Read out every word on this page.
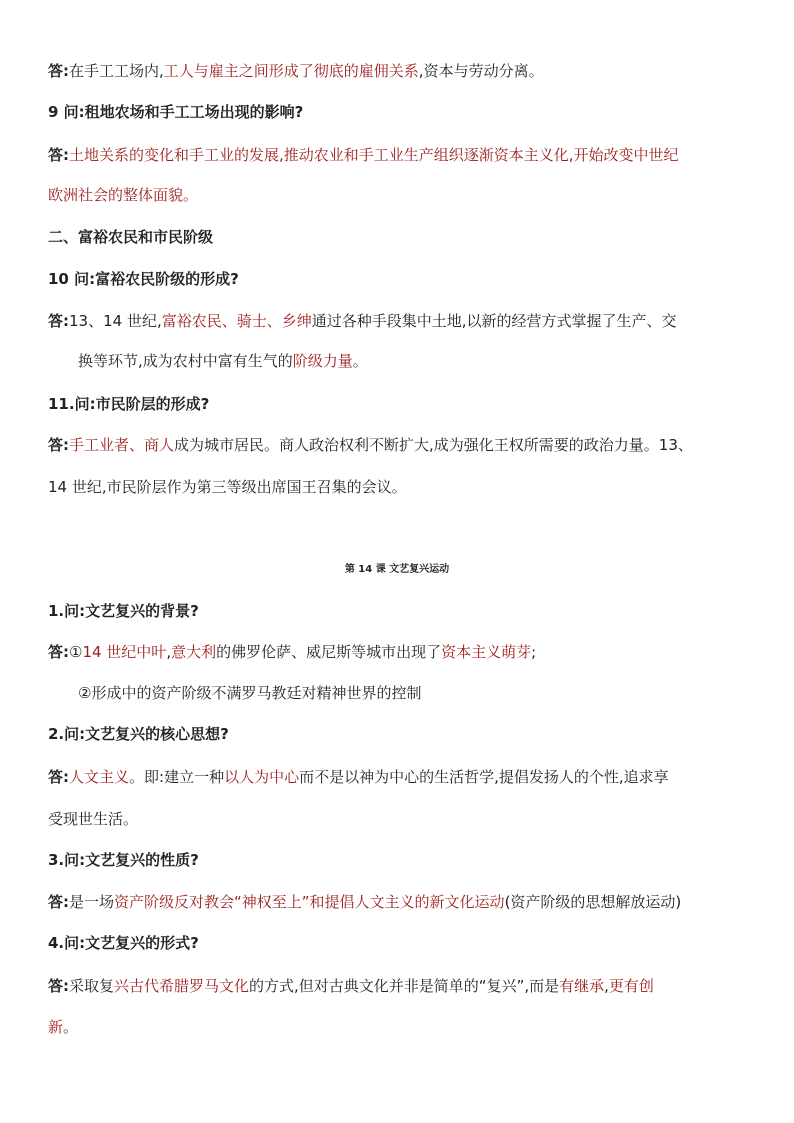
答:在手工工场内,工人与雇主之间形成了彻底的雇佣关系,资本与劳动分离。
9 问:租地农场和手工工场出现的影响?
答:土地关系的变化和手工业的发展,推动农业和手工业生产组织逐渐资本主义化,开始改变中世纪
欧洲社会的整体面貌。
二、富裕农民和市民阶级
10 问:富裕农民阶级的形成?
答:13、14 世纪,富裕农民、骑士、乡绅通过各种手段集中土地,以新的经营方式掌握了生产、交
换等环节,成为农村中富有生气的阶级力量。
11.问:市民阶层的形成?
答:手工业者、商人成为城市居民。商人政治权利不断扩大,成为强化王权所需要的政治力量。13、
14 世纪,市民阶层作为第三等级出席国王召集的会议。
第 14 课 文艺复兴运动
1.问:文艺复兴的背景?
答:①14 世纪中叶,意大利的佛罗伦萨、威尼斯等城市出现了资本主义萌芽;
②形成中的资产阶级不满罗马教廷对精神世界的控制
2.问:文艺复兴的核心思想?
答:人文主义。即:建立一种以人为中心而不是以神为中心的生活哲学,提倡发扬人的个性,追求享
受现世生活。
3.问:文艺复兴的性质?
答:是一场资产阶级反对教会“神权至上”和提倡人文主义的新文化运动(资产阶级的思想解放运动)
4.问:文艺复兴的形式?
答:采取复兴古代希腊罗马文化的方式,但对古典文化并非是简单的“复兴”,而是有继承,更有创
新。
